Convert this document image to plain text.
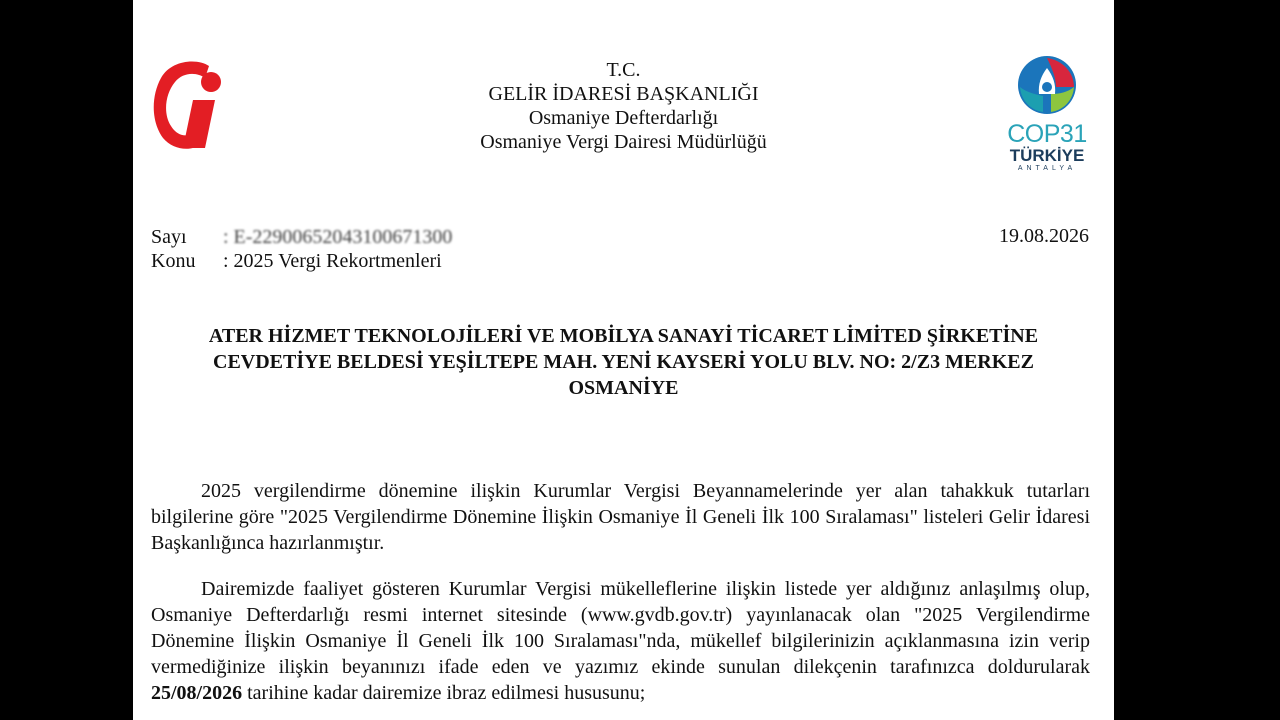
T.C.
GELİR İDARESİ BAŞKANLIĞI
Osmaniye Defterdarlığı
Osmaniye Vergi Dairesi Müdürlüğü	COP31
TÜRKİYE
ANTALYA
Sayı : E-22900652043100671300
Konu : 2025 Vergi Rekortmenleri
19.08.2026
ATER HİZMET TEKNOLOJİLERİ VE MOBİLYA SANAYİ TİCARET LİMİTED ŞİRKETİNE
CEVDETİYE BELDESİ YEŞİLTEPE MAH. YENİ KAYSERİ YOLU BLV. NO: 2/Z3 MERKEZ
OSMANİYE
2025 vergilendirme dönemine ilişkin Kurumlar Vergisi Beyannamelerinde yer alan tahakkuk tutarları bilgilerine göre "2025 Vergilendirme Dönemine İlişkin Osmaniye İl Geneli İlk 100 Sıralaması" listeleri Gelir İdaresi Başkanlığınca hazırlanmıştır.
Dairemizde faaliyet gösteren Kurumlar Vergisi mükelleflerine ilişkin listede yer aldığınız anlaşılmış olup, Osmaniye Defterdarlığı resmi internet sitesinde (www.gvdb.gov.tr) yayınlanacak olan "2025 Vergilendirme Dönemine İlişkin Osmaniye İl Geneli İlk 100 Sıralaması"nda, mükellef bilgilerinizin açıklanmasına izin verip vermediğinize ilişkin beyanınızı ifade eden ve yazımız ekinde sunulan dilekçenin tarafınızca doldurularak 25/08/2026 tarihine kadar dairemize ibraz edilmesi hususunu;
